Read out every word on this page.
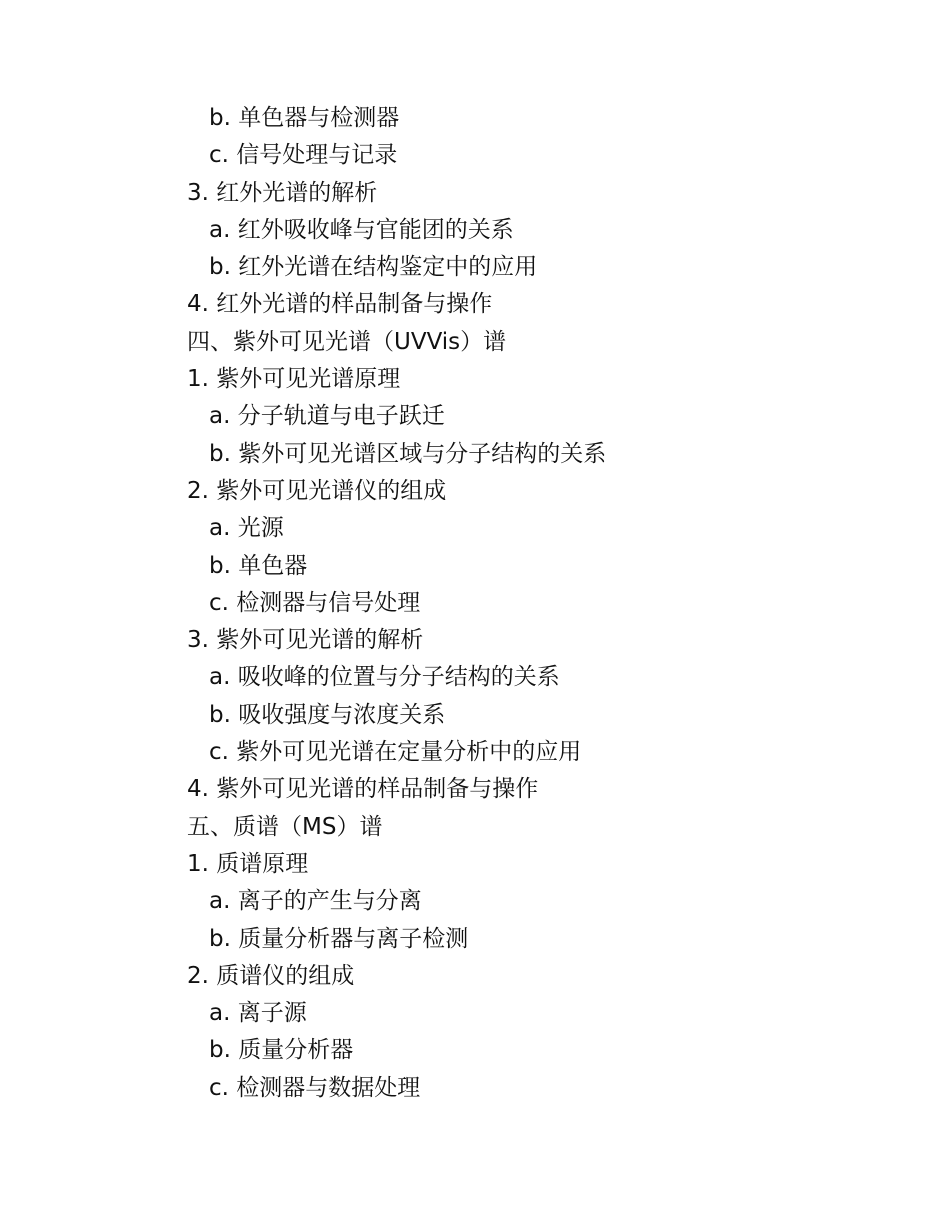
b. 单色器与检测器
c. 信号处理与记录
3. 红外光谱的解析
a. 红外吸收峰与官能团的关系
b. 红外光谱在结构鉴定中的应用
4. 红外光谱的样品制备与操作
四、紫外可见光谱（UVVis）谱
1. 紫外可见光谱原理
a. 分子轨道与电子跃迁
b. 紫外可见光谱区域与分子结构的关系
2. 紫外可见光谱仪的组成
a. 光源
b. 单色器
c. 检测器与信号处理
3. 紫外可见光谱的解析
a. 吸收峰的位置与分子结构的关系
b. 吸收强度与浓度关系
c. 紫外可见光谱在定量分析中的应用
4. 紫外可见光谱的样品制备与操作
五、质谱（MS）谱
1. 质谱原理
a. 离子的产生与分离
b. 质量分析器与离子检测
2. 质谱仪的组成
a. 离子源
b. 质量分析器
c. 检测器与数据处理
